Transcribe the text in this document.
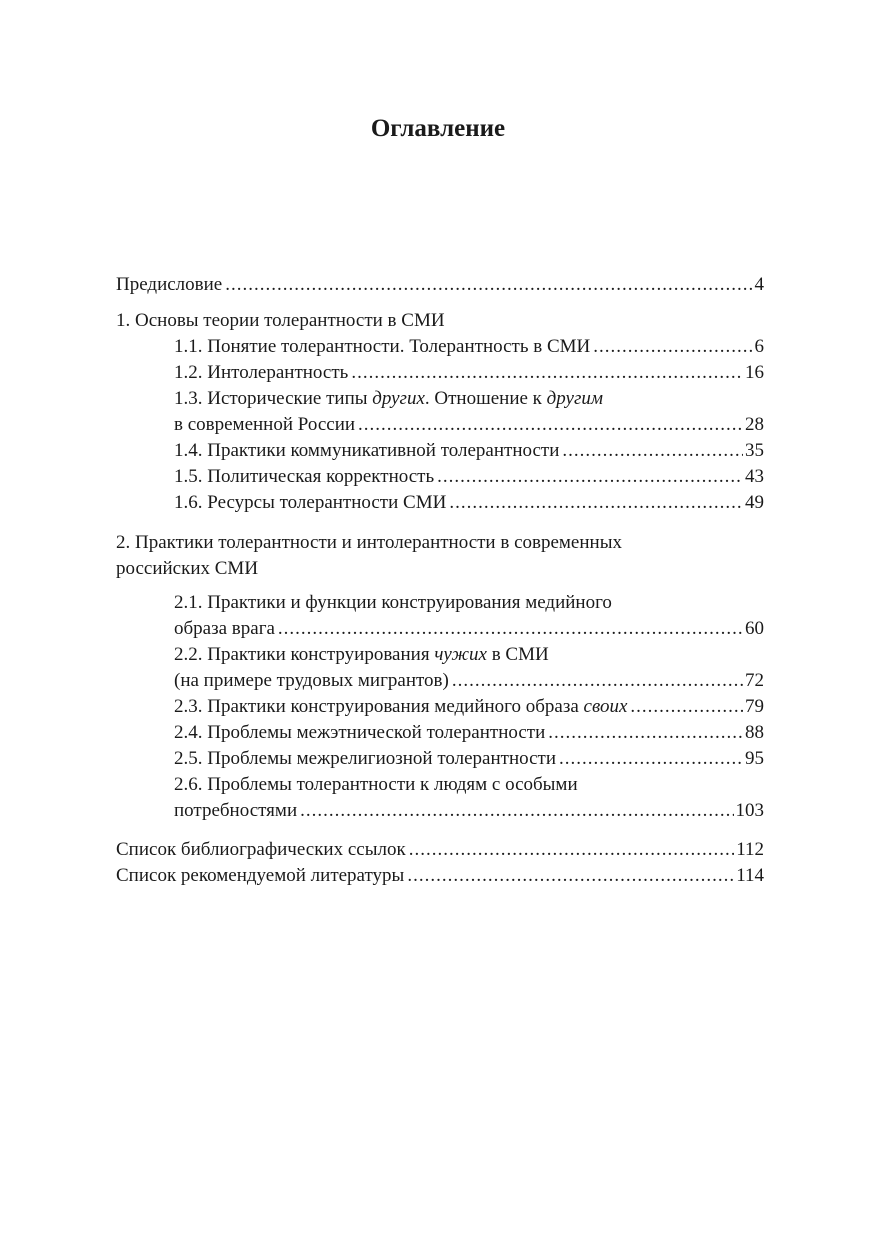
Оглавление
Предисловие .....	4
1. Основы теории толерантности в СМИ
1.1. Понятие толерантности. Толерантность в СМИ .....	6
1.2. Интолерантность .....	16
1.3. Исторические типы других. Отношение к другим
в современной России .....	28
1.4. Практики коммуникативной толерантности .....	35
1.5. Политическая корректность .....	43
1.6. Ресурсы толерантности СМИ .....	49
2. Практики толерантности и интолерантности в современных
российских СМИ
2.1. Практики и функции конструирования медийного
образа врага .....	60
2.2. Практики конструирования чужих в СМИ
(на примере трудовых мигрантов) .....	72
2.3. Практики конструирования медийного образа своих .....	79
2.4. Проблемы межэтнической толерантности .....	88
2.5. Проблемы межрелигиозной толерантности .....	95
2.6. Проблемы толерантности к людям с особыми
потребностями .....	103
Список библиографических ссылок .....	112
Список рекомендуемой литературы .....	114
